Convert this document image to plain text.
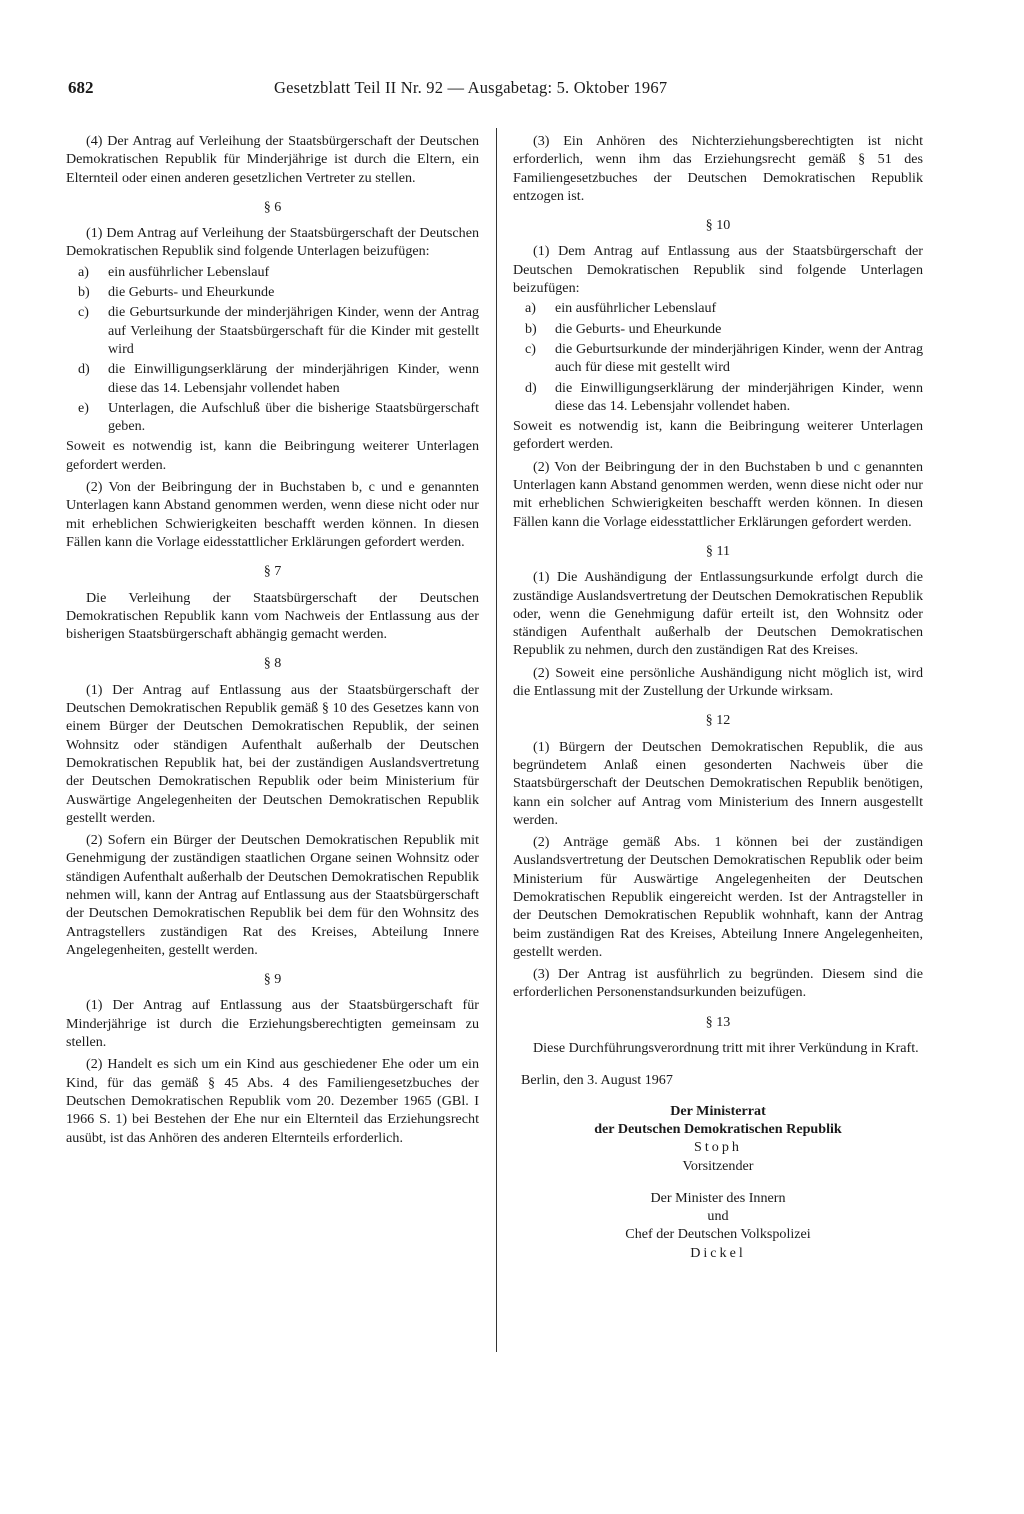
682	Gesetzblatt Teil II Nr. 92 — Ausgabetag: 5. Oktober 1967

(4) Der Antrag auf Verleihung der Staatsbürgerschaft der Deutschen Demokratischen Republik für Minderjährige ist durch die Eltern, ein Elternteil oder einen anderen gesetzlichen Vertreter zu stellen.

§ 6

(1) Dem Antrag auf Verleihung der Staatsbürgerschaft der Deutschen Demokratischen Republik sind folgende Unterlagen beizufügen:

a) ein ausführlicher Lebenslauf
b) die Geburts- und Eheurkunde
c) die Geburtsurkunde der minderjährigen Kinder, wenn der Antrag auf Verleihung der Staatsbürgerschaft für die Kinder mit gestellt wird
d) die Einwilligungserklärung der minderjährigen Kinder, wenn diese das 14. Lebensjahr vollendet haben
e) Unterlagen, die Aufschluß über die bisherige Staatsbürgerschaft geben.

Soweit es notwendig ist, kann die Beibringung weiterer Unterlagen gefordert werden.

(2) Von der Beibringung der in Buchstaben b, c und e genannten Unterlagen kann Abstand genommen werden, wenn diese nicht oder nur mit erheblichen Schwierigkeiten beschafft werden können. In diesen Fällen kann die Vorlage eidesstattlicher Erklärungen gefordert werden.

§ 7

Die Verleihung der Staatsbürgerschaft der Deutschen Demokratischen Republik kann vom Nachweis der Entlassung aus der bisherigen Staatsbürgerschaft abhängig gemacht werden.

§ 8

(1) Der Antrag auf Entlassung aus der Staatsbürgerschaft der Deutschen Demokratischen Republik gemäß § 10 des Gesetzes kann von einem Bürger der Deutschen Demokratischen Republik, der seinen Wohnsitz oder ständigen Aufenthalt außerhalb der Deutschen Demokratischen Republik hat, bei der zuständigen Auslandsvertretung der Deutschen Demokratischen Republik oder beim Ministerium für Auswärtige Angelegenheiten der Deutschen Demokratischen Republik gestellt werden.

(2) Sofern ein Bürger der Deutschen Demokratischen Republik mit Genehmigung der zuständigen staatlichen Organe seinen Wohnsitz oder ständigen Aufenthalt außerhalb der Deutschen Demokratischen Republik nehmen will, kann der Antrag auf Entlassung aus der Staatsbürgerschaft der Deutschen Demokratischen Republik bei dem für den Wohnsitz des Antragstellers zuständigen Rat des Kreises, Abteilung Innere Angelegenheiten, gestellt werden.

§ 9

(1) Der Antrag auf Entlassung aus der Staatsbürgerschaft für Minderjährige ist durch die Erziehungsberechtigten gemeinsam zu stellen.

(2) Handelt es sich um ein Kind aus geschiedener Ehe oder um ein Kind, für das gemäß § 45 Abs. 4 des Familiengesetzbuches der Deutschen Demokratischen Republik vom 20. Dezember 1965 (GBl. I 1966 S. 1) bei Bestehen der Ehe nur ein Elternteil das Erziehungsrecht ausübt, ist das Anhören des anderen Elternteils erforderlich.

(3) Ein Anhören des Nichterziehungsberechtigten ist nicht erforderlich, wenn ihm das Erziehungsrecht gemäß § 51 des Familiengesetzbuches der Deutschen Demokratischen Republik entzogen ist.

§ 10

(1) Dem Antrag auf Entlassung aus der Staatsbürgerschaft der Deutschen Demokratischen Republik sind folgende Unterlagen beizufügen:

a) ein ausführlicher Lebenslauf
b) die Geburts- und Eheurkunde
c) die Geburtsurkunde der minderjährigen Kinder, wenn der Antrag auch für diese mit gestellt wird
d) die Einwilligungserklärung der minderjährigen Kinder, wenn diese das 14. Lebensjahr vollendet haben.

Soweit es notwendig ist, kann die Beibringung weiterer Unterlagen gefordert werden.

(2) Von der Beibringung der in den Buchstaben b und c genannten Unterlagen kann Abstand genommen werden, wenn diese nicht oder nur mit erheblichen Schwierigkeiten beschafft werden können. In diesen Fällen kann die Vorlage eidesstattlicher Erklärungen gefordert werden.

§ 11

(1) Die Aushändigung der Entlassungsurkunde erfolgt durch die zuständige Auslandsvertretung der Deutschen Demokratischen Republik oder, wenn die Genehmigung dafür erteilt ist, den Wohnsitz oder ständigen Aufenthalt außerhalb der Deutschen Demokratischen Republik zu nehmen, durch den zuständigen Rat des Kreises.

(2) Soweit eine persönliche Aushändigung nicht möglich ist, wird die Entlassung mit der Zustellung der Urkunde wirksam.

§ 12

(1) Bürgern der Deutschen Demokratischen Republik, die aus begründetem Anlaß einen gesonderten Nachweis über die Staatsbürgerschaft der Deutschen Demokratischen Republik benötigen, kann ein solcher auf Antrag vom Ministerium des Innern ausgestellt werden.

(2) Anträge gemäß Abs. 1 können bei der zuständigen Auslandsvertretung der Deutschen Demokratischen Republik oder beim Ministerium für Auswärtige Angelegenheiten der Deutschen Demokratischen Republik eingereicht werden. Ist der Antragsteller in der Deutschen Demokratischen Republik wohnhaft, kann der Antrag beim zuständigen Rat des Kreises, Abteilung Innere Angelegenheiten, gestellt werden.

(3) Der Antrag ist ausführlich zu begründen. Diesem sind die erforderlichen Personenstandsurkunden beizufügen.

§ 13

Diese Durchführungsverordnung tritt mit ihrer Verkündung in Kraft.

Berlin, den 3. August 1967

Der Ministerrat
der Deutschen Demokratischen Republik
Stoph
Vorsitzender
Der Minister des Innern
und
Chef der Deutschen Volkspolizei
Dickel
